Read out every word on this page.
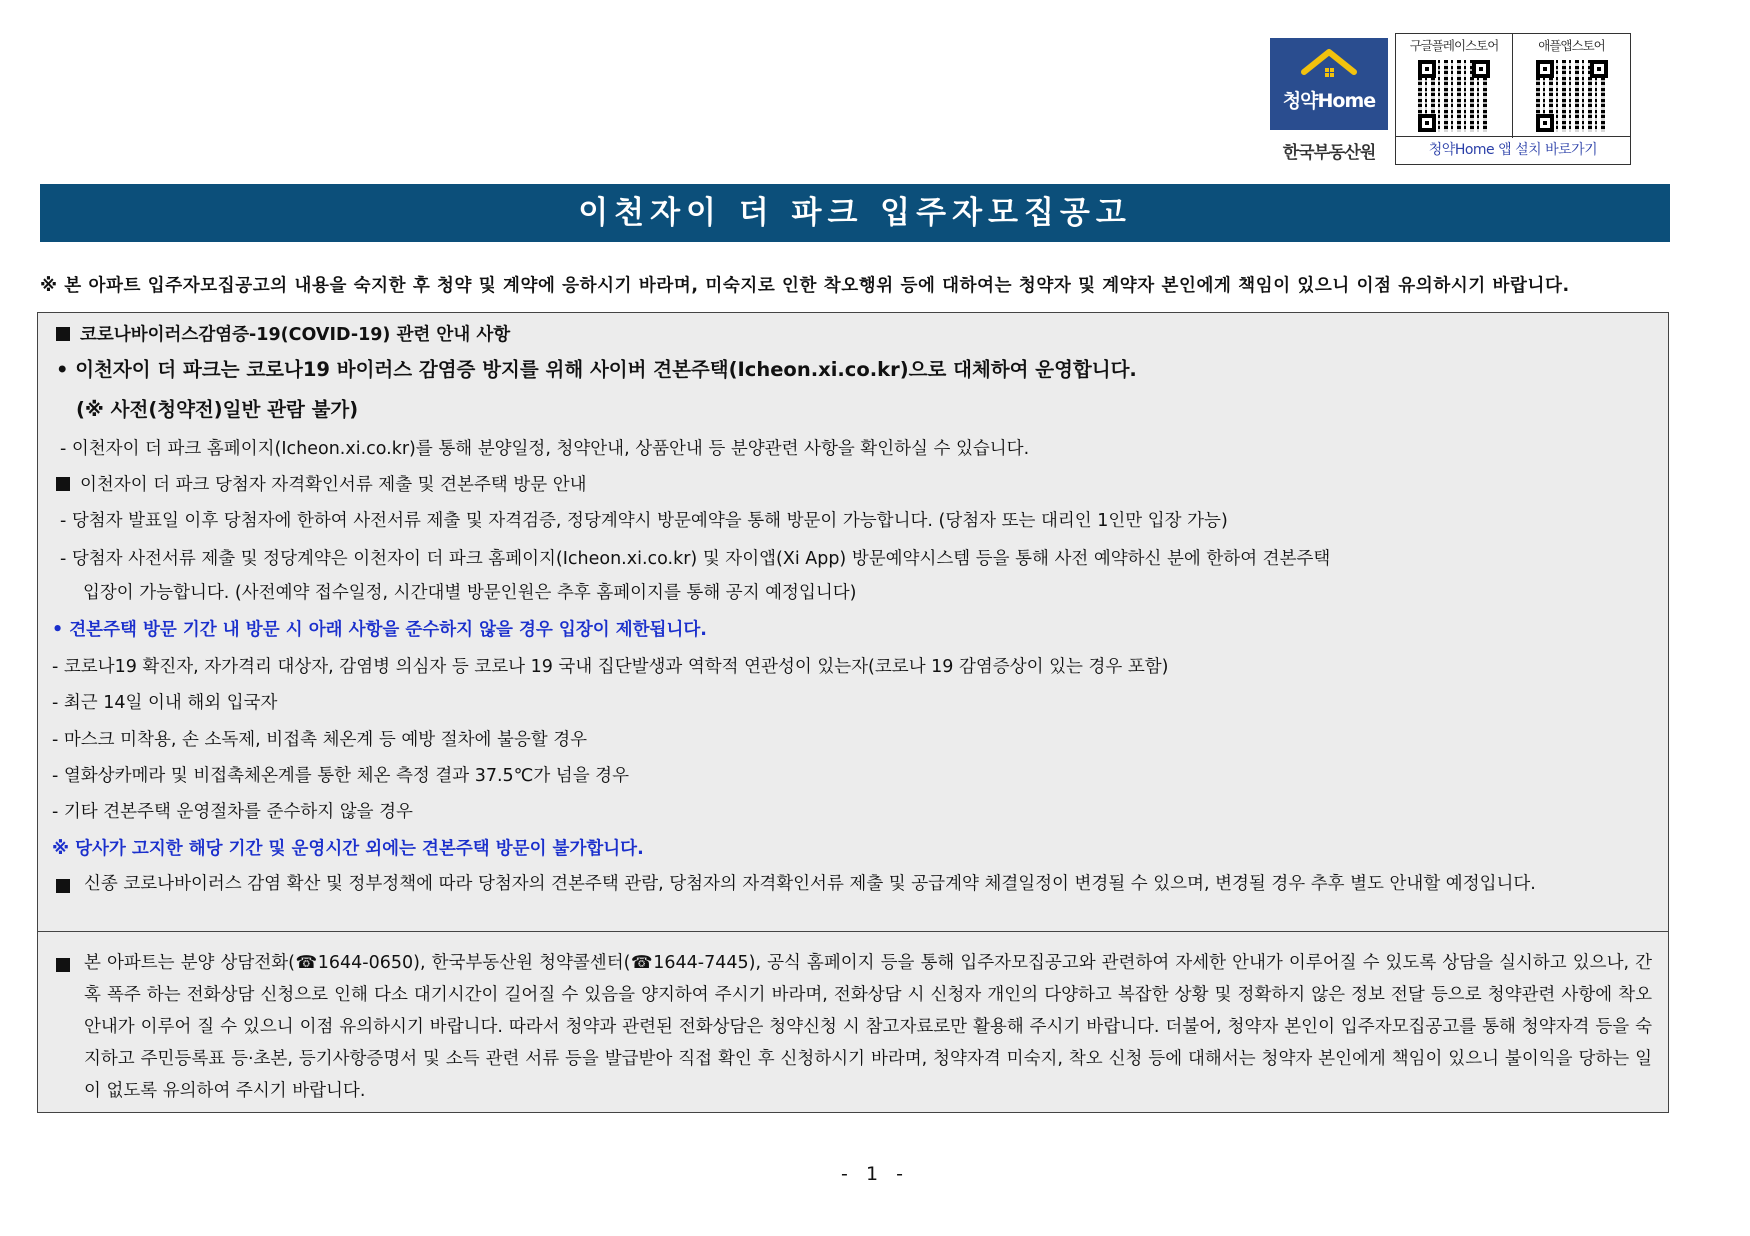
청약Home
한국부동산원
구글플레이스토어	애플앱스토어
청약Home 앱 설치 바로가기
이천자이 더 파크 입주자모집공고
※ 본 아파트 입주자모집공고의 내용을 숙지한 후 청약 및 계약에 응하시기 바라며, 미숙지로 인한 착오행위 등에 대하여는 청약자 및 계약자 본인에게 책임이 있으니 이점 유의하시기 바랍니다.
코로나바이러스감염증-19(COVID-19) 관련 안내 사항
• 이천자이 더 파크는 코로나19 바이러스 감염증 방지를 위해 사이버 견본주택(Icheon.xi.co.kr)으로 대체하여 운영합니다.
(※ 사전(청약전)일반 관람 불가)
- 이천자이 더 파크 홈페이지(Icheon.xi.co.kr)를 통해 분양일정, 청약안내, 상품안내 등 분양관련 사항을 확인하실 수 있습니다.
이천자이 더 파크 당첨자 자격확인서류 제출 및 견본주택 방문 안내
- 당첨자 발표일 이후 당첨자에 한하여 사전서류 제출 및 자격검증, 정당계약시 방문예약을 통해 방문이 가능합니다. (당첨자 또는 대리인 1인만 입장 가능)
- 당첨자 사전서류 제출 및 정당계약은 이천자이 더 파크 홈페이지(Icheon.xi.co.kr) 및 자이앱(Xi App) 방문예약시스템 등을 통해 사전 예약하신 분에 한하여 견본주택
입장이 가능합니다. (사전예약 접수일정, 시간대별 방문인원은 추후 홈페이지를 통해 공지 예정입니다)
• 견본주택 방문 기간 내 방문 시 아래 사항을 준수하지 않을 경우 입장이 제한됩니다.
- 코로나19 확진자, 자가격리 대상자, 감염병 의심자 등 코로나 19 국내 집단발생과 역학적 연관성이 있는자(코로나 19 감염증상이 있는 경우 포함)
- 최근 14일 이내 해외 입국자
- 마스크 미착용, 손 소독제, 비접촉 체온계 등 예방 절차에 불응할 경우
- 열화상카메라 및 비접촉체온계를 통한 체온 측정 결과 37.5℃가 넘을 경우
- 기타 견본주택 운영절차를 준수하지 않을 경우
※ 당사가 고지한 해당 기간 및 운영시간 외에는 견본주택 방문이 불가합니다.
신종 코로나바이러스 감염 확산 및 정부정책에 따라 당첨자의 견본주택 관람, 당첨자의 자격확인서류 제출 및 공급계약 체결일정이 변경될 수 있으며, 변경될 경우 추후 별도 안내할 예정입니다.
본 아파트는 분양 상담전화(☎1644-0650), 한국부동산원 청약콜센터(☎1644-7445), 공식 홈페이지 등을 통해 입주자모집공고와 관련하여 자세한 안내가 이루어질 수 있도록 상담을 실시하고 있으나, 간혹 폭주 하는 전화상담 신청으로 인해 다소 대기시간이 길어질 수 있음을 양지하여 주시기 바라며, 전화상담 시 신청자 개인의 다양하고 복잡한 상황 및 정확하지 않은 정보 전달 등으로 청약관련 사항에 착오 안내가 이루어 질 수 있으니 이점 유의하시기 바랍니다. 따라서 청약과 관련된 전화상담은 청약신청 시 참고자료로만 활용해 주시기 바랍니다. 더불어, 청약자 본인이 입주자모집공고를 통해 청약자격 등을 숙지하고 주민등록표 등·초본, 등기사항증명서 및 소득 관련 서류 등을 발급받아 직접 확인 후 신청하시기 바라며, 청약자격 미숙지, 착오 신청 등에 대해서는 청약자 본인에게 책임이 있으니 불이익을 당하는 일이 없도록 유의하여 주시기 바랍니다.
- 1 -
